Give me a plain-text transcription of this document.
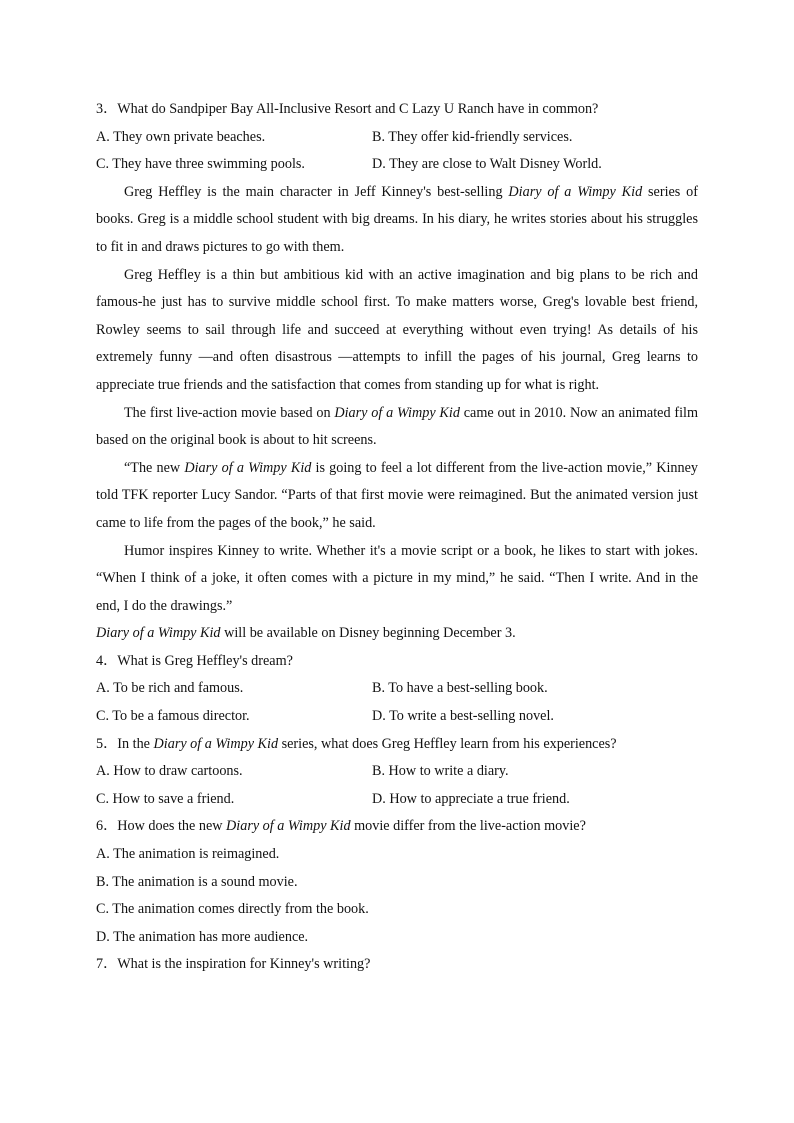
3．What do Sandpiper Bay All-Inclusive Resort and C Lazy U Ranch have in common?
A. They own private beaches.	B. They offer kid-friendly services.
C. They have three swimming pools.	D. They are close to Walt Disney World.
Greg Heffley is the main character in Jeff Kinney's best-selling Diary of a Wimpy Kid series of books. Greg is a middle school student with big dreams. In his diary, he writes stories about his struggles to fit in and draws pictures to go with them.
Greg Heffley is a thin but ambitious kid with an active imagination and big plans to be rich and famous-he just has to survive middle school first. To make matters worse, Greg's lovable best friend, Rowley seems to sail through life and succeed at everything without even trying! As details of his extremely funny —and often disastrous —attempts to infill the pages of his journal, Greg learns to appreciate true friends and the satisfaction that comes from standing up for what is right.
The first live-action movie based on Diary of a Wimpy Kid came out in 2010. Now an animated film based on the original book is about to hit screens.
“The new Diary of a Wimpy Kid is going to feel a lot different from the live-action movie,” Kinney told TFK reporter Lucy Sandor. “Parts of that first movie were reimagined. But the animated version just came to life from the pages of the book,” he said.
Humor inspires Kinney to write. Whether it's a movie script or a book, he likes to start with jokes. “When I think of a joke, it often comes with a picture in my mind,” he said. “Then I write. And in the end, I do the drawings.”
Diary of a Wimpy Kid will be available on Disney beginning December 3.
4．What is Greg Heffley's dream?
A. To be rich and famous.	B. To have a best-selling book.
C. To be a famous director.	D. To write a best-selling novel.
5．In the Diary of a Wimpy Kid series, what does Greg Heffley learn from his experiences?
A. How to draw cartoons.	B. How to write a diary.
C. How to save a friend.	D. How to appreciate a true friend.
6．How does the new Diary of a Wimpy Kid movie differ from the live-action movie?
A. The animation is reimagined.
B. The animation is a sound movie.
C. The animation comes directly from the book.
D. The animation has more audience.
7．What is the inspiration for Kinney's writing?
